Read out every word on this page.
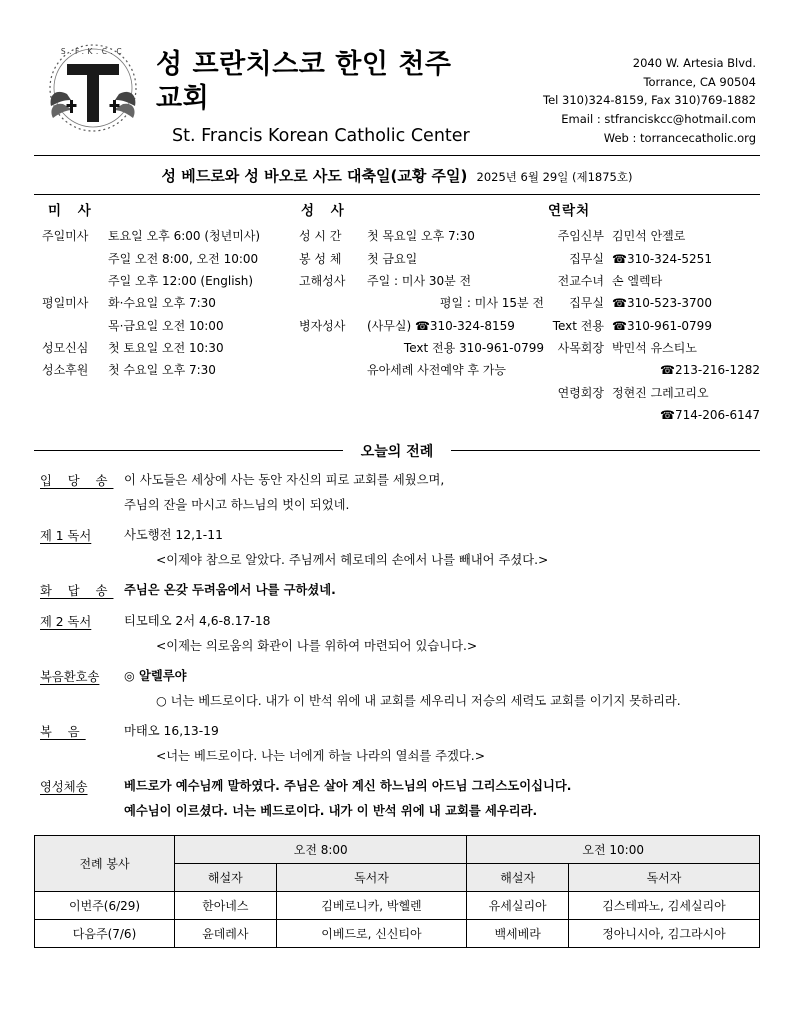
S.F.K.C.C 성 프란치스코 한인 천주교회
St. Francis Korean Catholic Center
2040 W. Artesia Blvd.
Torrance, CA 90504
Tel 310)324-8159, Fax 310)769-1882
Email : stfranciskcc@hotmail.com
Web : torrancecatholic.org
성 베드로와 성 바오로 사도 대축일(교황 주일) 2025년 6월 29일 (제1875호)
미 사
주일미사	토요일 오후 6:00 (청년미사)
주일 오전 8:00, 오전 10:00
주일 오후 12:00 (English)
평일미사	화·수요일 오후 7:30
목·금요일 오전 10:00
성모신심	첫 토요일 오전 10:30
성소후원	첫 수요일 오후 7:30
성 사
성 시 간	첫 목요일 오후 7:30
봉 성 체	첫 금요일
고해성사	주일 : 미사 30분 전
평일 : 미사 15분 전
병자성사	(사무실) ☎310-324-8159
Text 전용 310-961-0799
유아세례 사전예약 후 가능
연락처
주임신부 김민석 안젤로
집무실 ☎310-324-5251
전교수녀 손 엘렉타
집무실 ☎310-523-3700
Text 전용 ☎310-961-0799
사목회장 박민석 유스티노
☎213-216-1282
연령회장 정현진 그레고리오
☎714-206-6147
오늘의 전례
입 당 송 이 사도들은 세상에 사는 동안 자신의 피로 교회를 세웠으며,
주님의 잔을 마시고 하느님의 벗이 되었네.
제 1 독서	사도행전 12,1-11
<이제야 참으로 알았다. 주님께서 헤로데의 손에서 나를 빼내어 주셨다.>
화 답 송 주님은 온갖 두려움에서 나를 구하셨네.
제 2 독서	티모테오 2서 4,6-8.17-18
<이제는 의로움의 화관이 나를 위하여 마련되어 있습니다.>
복음환호송	◎ 알렐루야
○ 너는 베드로이다. 내가 이 반석 위에 내 교회를 세우리니 저승의 세력도 교회를 이기지 못하리라.
복 음	마태오 16,13-19
<너는 베드로이다. 나는 너에게 하늘 나라의 열쇠를 주겠다.>
영성체송	베드로가 예수님께 말하였다. 주님은 살아 계신 하느님의 아드님 그리스도이십니다.
예수님이 이르셨다. 너는 베드로이다. 내가 이 반석 위에 내 교회를 세우리라.
전례 봉사	오전 8:00		오전 10:00	
	해설자	독서자	해설자	독서자
이번주(6/29)	한아네스	김베로니카, 박헬렌	유세실리아	김스테파노, 김세실리아
다음주(7/6)	윤데레사	이베드로, 신신티아	백세베라	정아니시아, 김그라시아
